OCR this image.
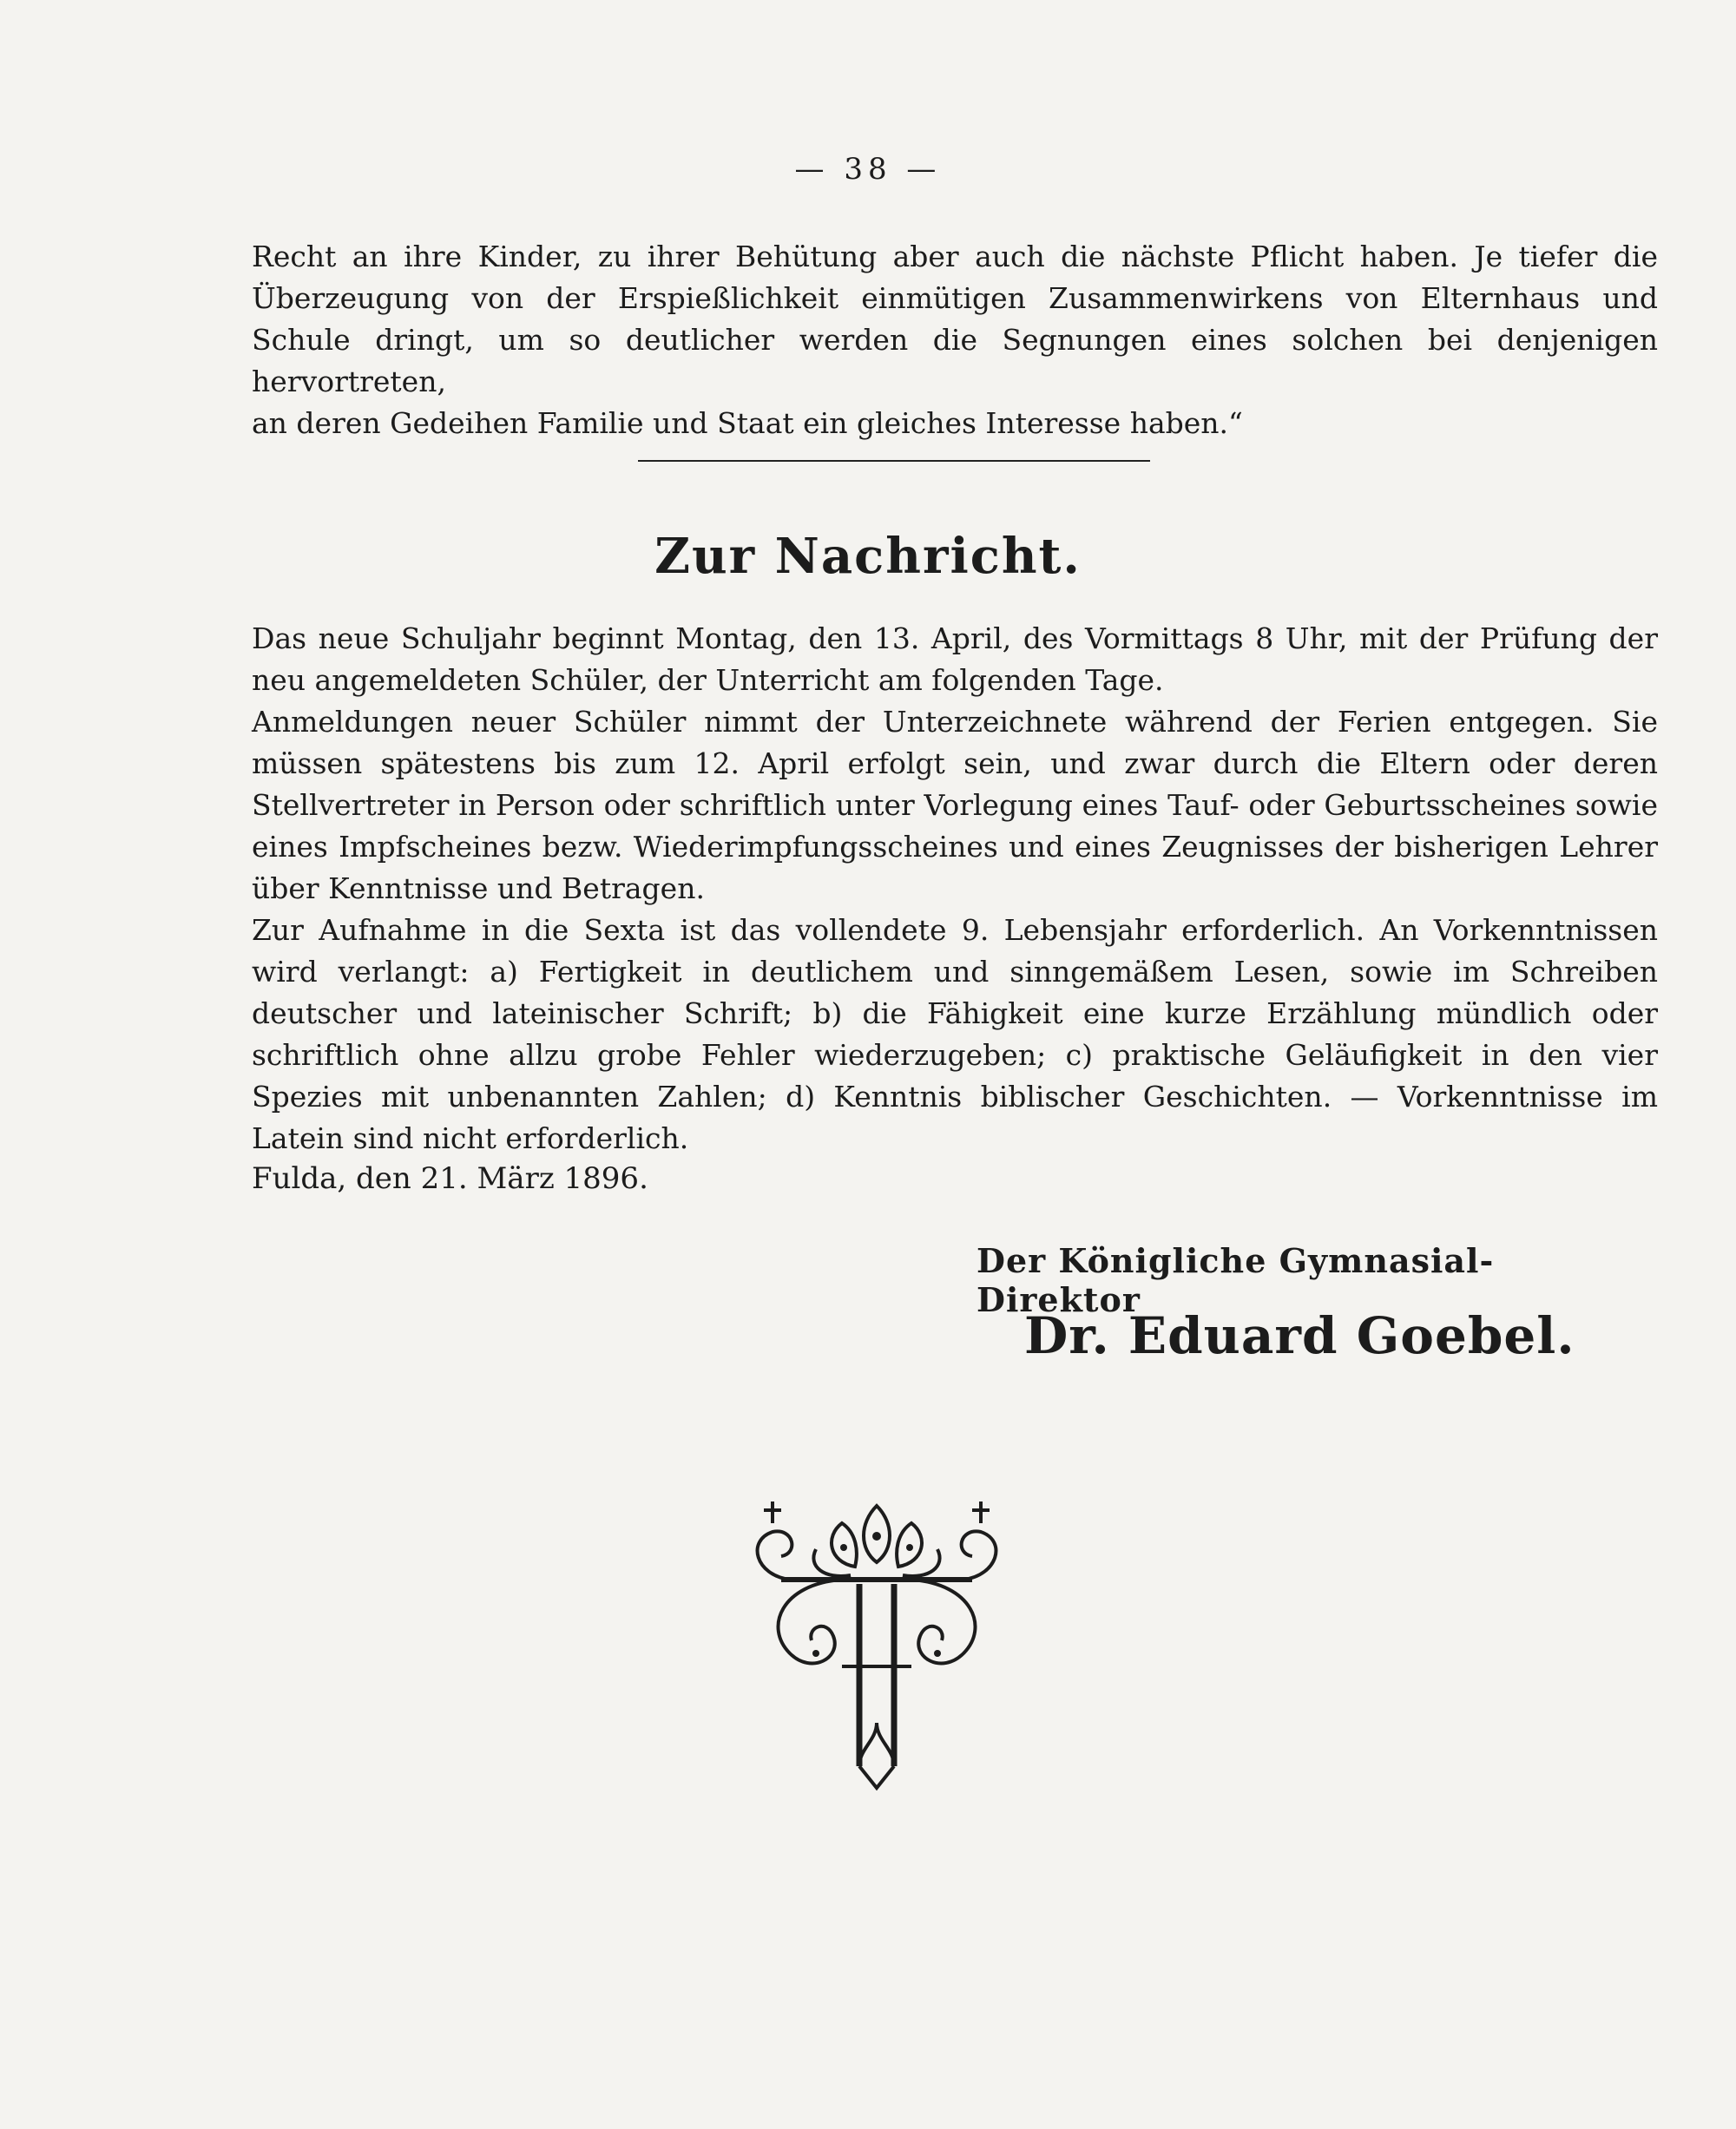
— 38 —

Recht an ihre Kinder, zu ihrer Behütung aber auch die nächste Pflicht haben. Je tiefer die

Überzeugung von der Erspießlichkeit einmütigen Zusammenwirkens von Elternhaus und

Schule dringt, um so deutlicher werden die Segnungen eines solchen bei denjenigen hervortreten,

an deren Gedeihen Familie und Staat ein gleiches Interesse haben.“

Zur Nachricht.

Das neue Schuljahr beginnt Montag, den 13. April, des Vormittags 8 Uhr, mit der Prüfung der neu angemeldeten Schüler, der Unterricht am folgenden Tage.

Anmeldungen neuer Schüler nimmt der Unterzeichnete während der Ferien entgegen. Sie müssen spätestens bis zum 12. April erfolgt sein, und zwar durch die Eltern oder deren Stellvertreter in Person oder schriftlich unter Vorlegung eines Tauf- oder Geburtsscheines sowie eines Impfscheines bezw. Wiederimpfungsscheines und eines Zeugnisses der bisherigen Lehrer über Kenntnisse und Betragen.

Zur Aufnahme in die Sexta ist das vollendete 9. Lebensjahr erforderlich. An Vorkenntnissen wird verlangt: a) Fertigkeit in deutlichem und sinngemäßem Lesen, sowie im Schreiben deutscher und lateinischer Schrift; b) die Fähigkeit eine kurze Erzählung mündlich oder schriftlich ohne allzu grobe Fehler wiederzugeben; c) praktische Geläufigkeit in den vier Spezies mit unbenannten Zahlen; d) Kenntnis biblischer Geschichten. — Vorkenntnisse im Latein sind nicht erforderlich.

Fulda, den 21. März 1896.
Der Königliche Gymnasial-Direktor
Dr. Eduard Goebel.
